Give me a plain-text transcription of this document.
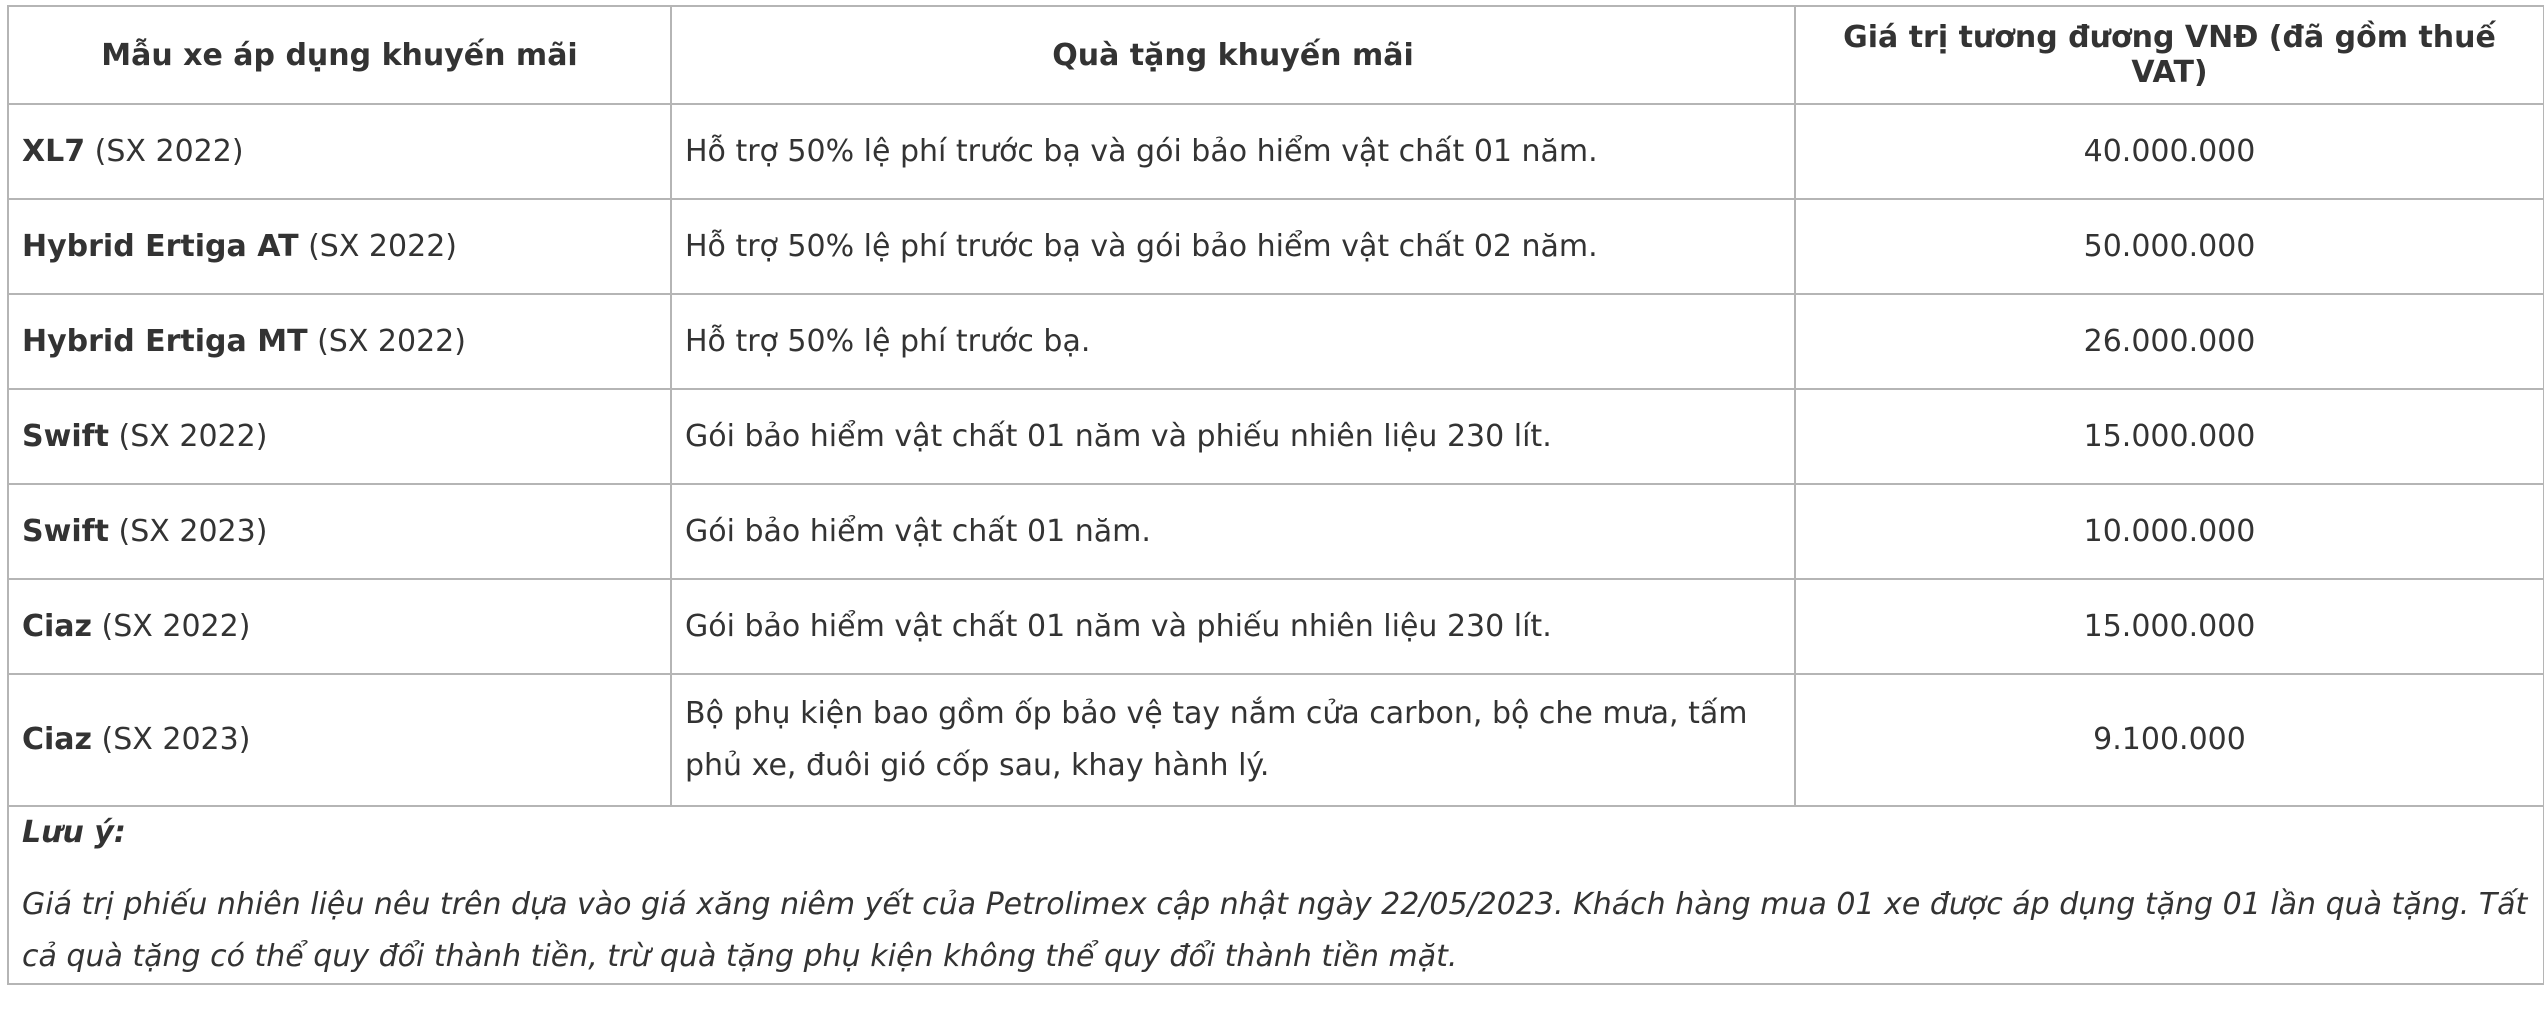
Mẫu xe áp dụng khuyến mãi	Quà tặng khuyến mãi	Giá trị tương đương VNĐ (đã gồm thuế VAT)
XL7 (SX 2022)	Hỗ trợ 50% lệ phí trước bạ và gói bảo hiểm vật chất 01 năm.	40.000.000
Hybrid Ertiga AT (SX 2022)	Hỗ trợ 50% lệ phí trước bạ và gói bảo hiểm vật chất 02 năm.	50.000.000
Hybrid Ertiga MT (SX 2022)	Hỗ trợ 50% lệ phí trước bạ.	26.000.000
Swift (SX 2022)	Gói bảo hiểm vật chất 01 năm và phiếu nhiên liệu 230 lít.	15.000.000
Swift (SX 2023)	Gói bảo hiểm vật chất 01 năm.	10.000.000
Ciaz (SX 2022)	Gói bảo hiểm vật chất 01 năm và phiếu nhiên liệu 230 lít.	15.000.000
Ciaz (SX 2023)	Bộ phụ kiện bao gồm ốp bảo vệ tay nắm cửa carbon, bộ che mưa, tấm phủ xe, đuôi gió cốp sau, khay hành lý.	9.100.000

Lưu ý:
Giá trị phiếu nhiên liệu nêu trên dựa vào giá xăng niêm yết của Petrolimex cập nhật ngày 22/05/2023. Khách hàng mua 01 xe được áp dụng tặng 01 lần quà tặng. Tất cả quà tặng có thể quy đổi thành tiền, trừ quà tặng phụ kiện không thể quy đổi thành tiền mặt.		
